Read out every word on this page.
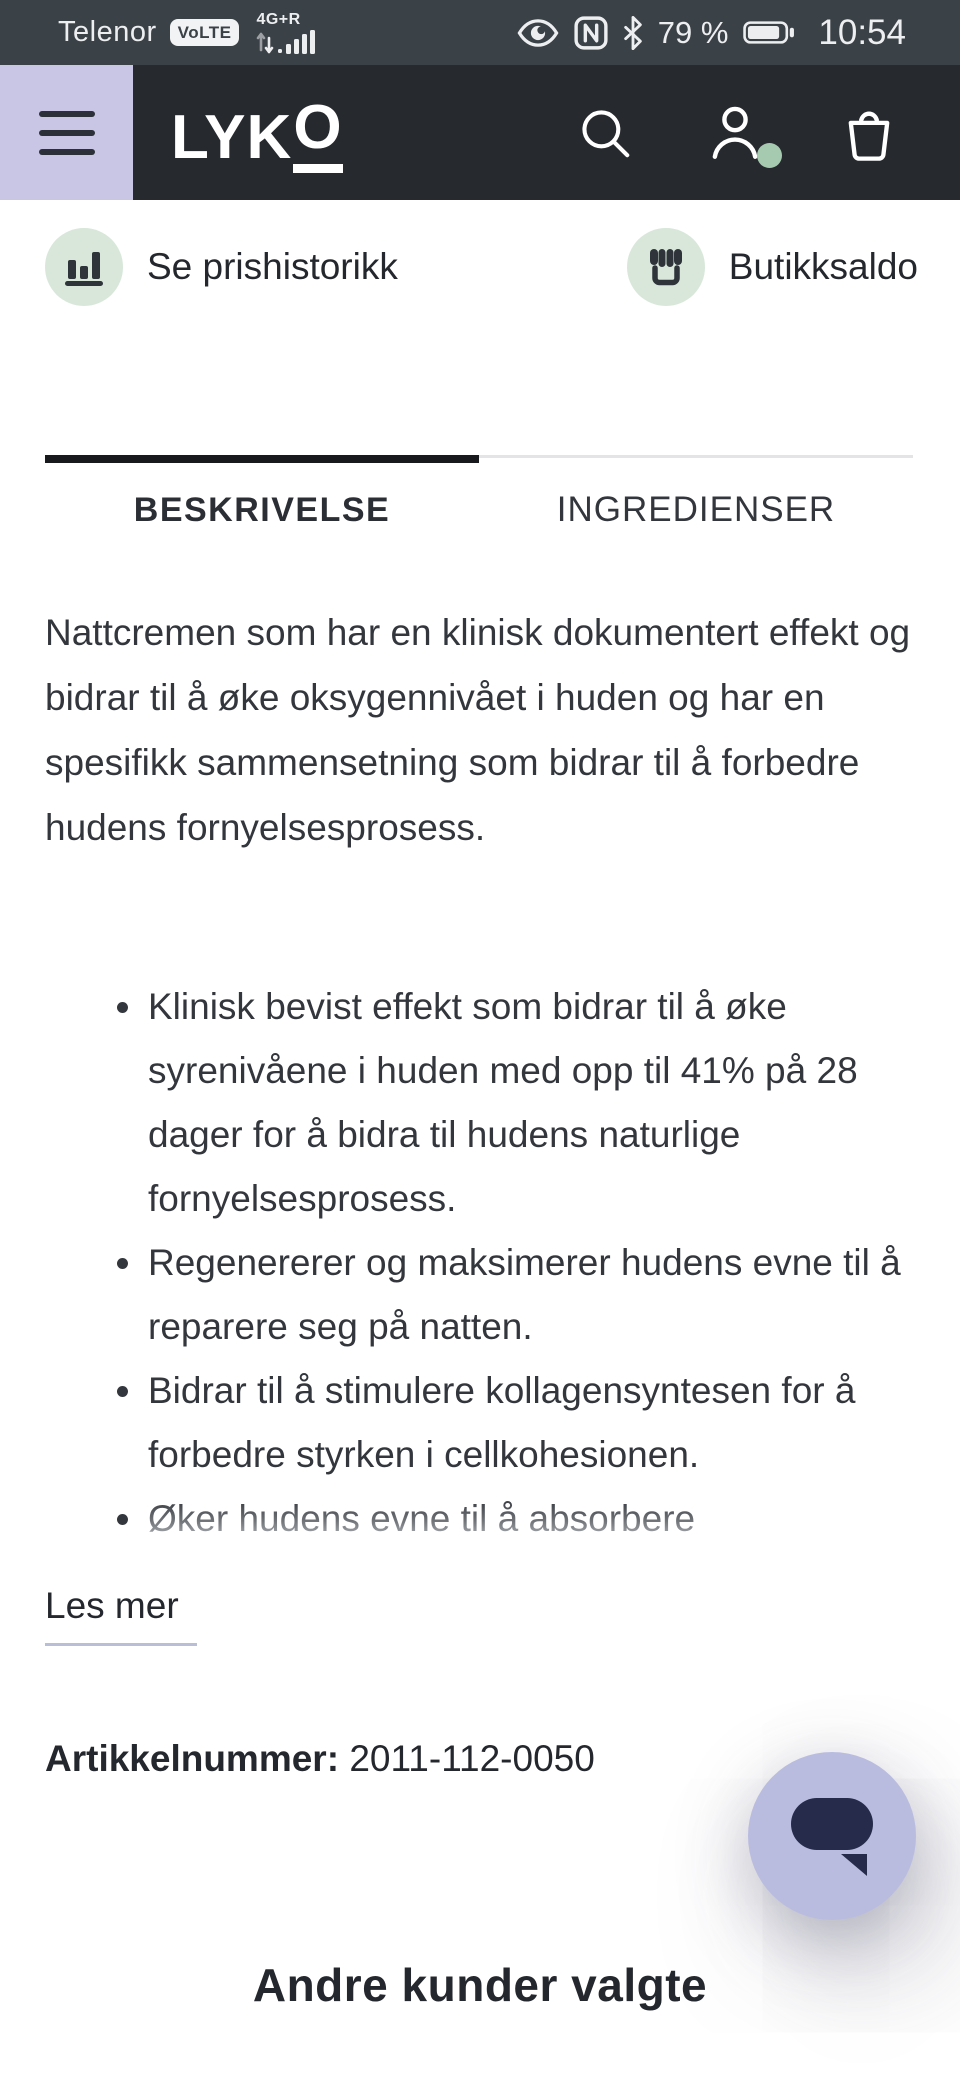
Telenor	VoLTE
4G+R	79 %	10:54
LYK O
Se prishistorikk	Butikksaldo
BESKRIVELSE	INGREDIENSER

Nattcremen som har en klinisk dokumentert effekt og bidrar til å øke oksygennivået i huden og har en spesifikk sammensetning som bidrar til å forbedre hudens fornyelsesprosess.

Klinisk bevist effekt som bidrar til å øke syrenivåene i huden med opp til 41% på 28 dager for å bidra til hudens naturlige fornyelsesprosess.
Regenererer og maksimerer hudens evne til å reparere seg på natten.
Bidrar til å stimulere kollagensyntesen for å forbedre styrken i cellkohesionen.
Øker hudens evne til å absorbere
Les mer

Artikkelnummer: 2011-112-0050

Andre kunder valgte
